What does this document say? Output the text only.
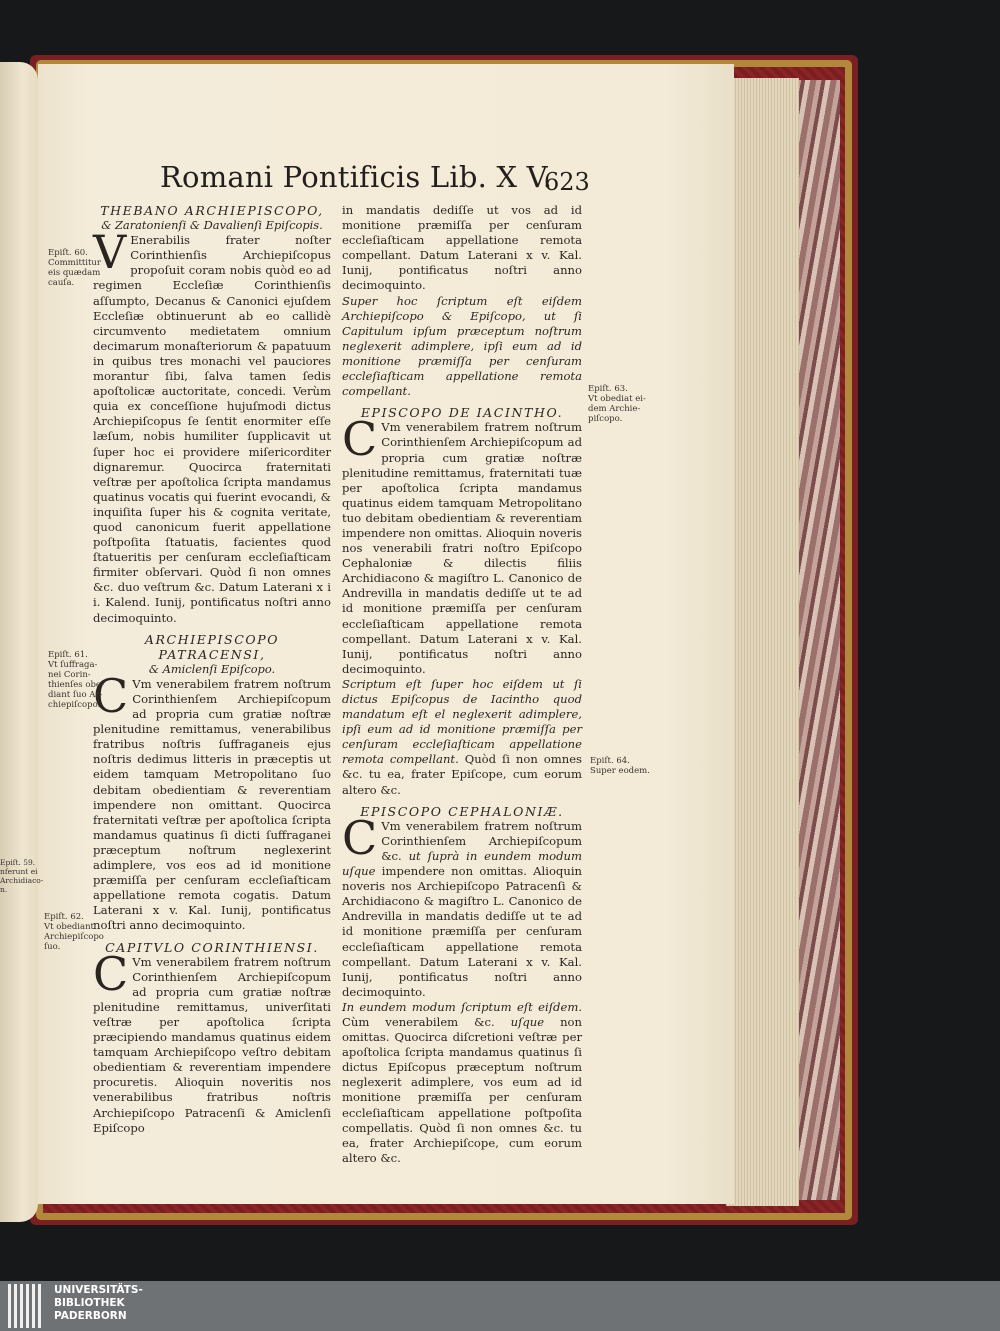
Romani Pontificis Lib. X V.
623

THEBANO ARCHIEPISCOPO,

& Zaratonienſi & Davalienſi Epiſcopis.

V Enerabilis frater noſter Corinthienſis Archiepiſcopus propoſuit coram nobis quòd eo ad regimen Eccleſiæ Corinthienſis aſſumpto, Decanus & Canonici ejuſdem Eccleſiæ obtinuerunt ab eo callidè circumvento medietatem omnium decimarum monaſteriorum & papatuum in quibus tres monachi vel pauciores morantur ſibi, ſalva tamen ſedis apoſtolicæ auctoritate, concedi. Verùm quia ex conceſſione hujuſmodi dictus Archiepiſcopus ſe ſentit enormiter eſſe læſum, nobis humiliter ſupplicavit ut ſuper hoc ei providere miſericorditer dignaremur. Quocirca fraternitati veſtræ per apoſtolica ſcripta mandamus quatinus vocatis qui fuerint evocandi, & inquiſita ſuper his & cognita veritate, quod canonicum fuerit appellatione poſtpoſita ſtatuatis, facientes quod ſtatueritis per cenſuram eccleſiaſticam firmiter obſervari. Quòd ſi non omnes &c. duo veſtrum &c. Datum Laterani x i i. Kalend. Iunij, pontificatus noſtri anno decimoquinto.

ARCHIEPISCOPO PATRACENSI,

& Amiclenſi Epiſcopo.

C Vm venerabilem fratrem noſtrum Corinthienſem Archiepiſcopum ad propria cum gratiæ noſtræ plenitudine remittamus, venerabilibus fratribus noſtris ſuffraganeis ejus noſtris dedimus litteris in præceptis ut eidem tamquam Metropolitano ſuo debitam obedientiam & reverentiam impendere non omittant. Quocirca fraternitati veſtræ per apoſtolica ſcripta mandamus quatinus ſi dicti ſuffraganei præceptum noſtrum neglexerint adimplere, vos eos ad id monitione præmiſſa per cenſuram eccleſiaſticam appellatione remota cogatis. Datum Laterani x v. Kal. Iunij, pontificatus noſtri anno decimoquinto.

CAPITVLO CORINTHIENSI.

C Vm venerabilem fratrem noſtrum Corinthienſem Archiepiſcopum ad propria cum gratiæ noſtræ plenitudine remittamus, univerſitati veſtræ per apoſtolica ſcripta præcipiendo mandamus quatinus eidem tamquam Archiepiſcopo veſtro debitam obedientiam & reverentiam impendere procuretis. Alioquin noveritis nos venerabilibus fratribus noſtris Archiepiſcopo Patracenſi & Amiclenſi Epiſcopo

in mandatis dediſſe ut vos ad id monitione præmiſſa per cenſuram eccleſiaſticam appellatione remota compellant. Datum Laterani x v. Kal. Iunij, pontificatus noſtri anno decimoquinto.

Super hoc ſcriptum eſt eiſdem Archiepiſcopo & Epiſcopo, ut ſi Capitulum ipſum præceptum noſtrum neglexerit adimplere, ipſi eum ad id monitione præmiſſa per cenſuram eccleſiaſticam appellatione remota compellant.

EPISCOPO DE IACINTHO.

C Vm venerabilem fratrem noſtrum Corinthienſem Archiepiſcopum ad propria cum gratiæ noſtræ plenitudine remittamus, fraternitati tuæ per apoſtolica ſcripta mandamus quatinus eidem tamquam Metropolitano tuo debitam obedientiam & reverentiam impendere non omittas. Alioquin noveris nos venerabili fratri noſtro Epiſcopo Cephaloniæ & dilectis filiis Archidiacono & magiſtro L. Canonico de Andrevilla in mandatis dediſſe ut te ad id monitione præmiſſa per cenſuram eccleſiaſticam appellatione remota compellant. Datum Laterani x v. Kal. Iunij, pontificatus noſtri anno decimoquinto.

Scriptum eſt ſuper hoc eiſdem ut ſi dictus Epiſcopus de Iacintho quod mandatum eſt el neglexerit adimplere, ipſi eum ad id monitione præmiſſa per cenſuram eccleſiaſticam appellatione remota compellant. Quòd ſi non omnes &c. tu ea, frater Epiſcope, cum eorum altero &c.

EPISCOPO CEPHALONIÆ.

C Vm venerabilem fratrem noſtrum Corinthienſem Archiepiſcopum &c. ut ſuprà in eundem modum uſque impendere non omittas. Alioquin noveris nos Archiepiſcopo Patracenſi & Archidiacono & magiſtro L. Canonico de Andrevilla in mandatis dediſſe ut te ad id monitione præmiſſa per cenſuram eccleſiaſticam appellatione remota compellant. Datum Laterani x v. Kal. Iunij, pontificatus noſtri anno decimoquinto.

In eundem modum ſcriptum eſt eiſdem. Cùm venerabilem &c. uſque non omittas. Quocirca diſcretioni veſtræ per apoſtolica ſcripta mandamus quatinus ſi dictus Epiſcopus præceptum noſtrum neglexerit adimplere, vos eum ad id monitione præmiſſa per cenſuram eccleſiaſticam appellatione poſtpoſita compellatis. Quòd ſi non omnes &c. tu ea, frater Archiepiſcope, cum eorum altero &c.

Epiſt. 60.
Committitur
eis quædam
cauſa.
Epiſt. 61.
Vt ſuffraga-
nei Corin-
thienſes obe-
diant ſuo Ar-
chiepiſcopo.
Epiſt. 62.
Vt obediant
Archiepiſcopo
ſuo.
Epiſt. 63.
Vt obediat ei-
dem Archie-
piſcopo.
Epiſt. 64.
Super eodem.
Epiſt. 59.
nferunt ei
Archidiaco-
n.
UNIVERSITÄTS-
BIBLIOTHEK
PADERBORN
